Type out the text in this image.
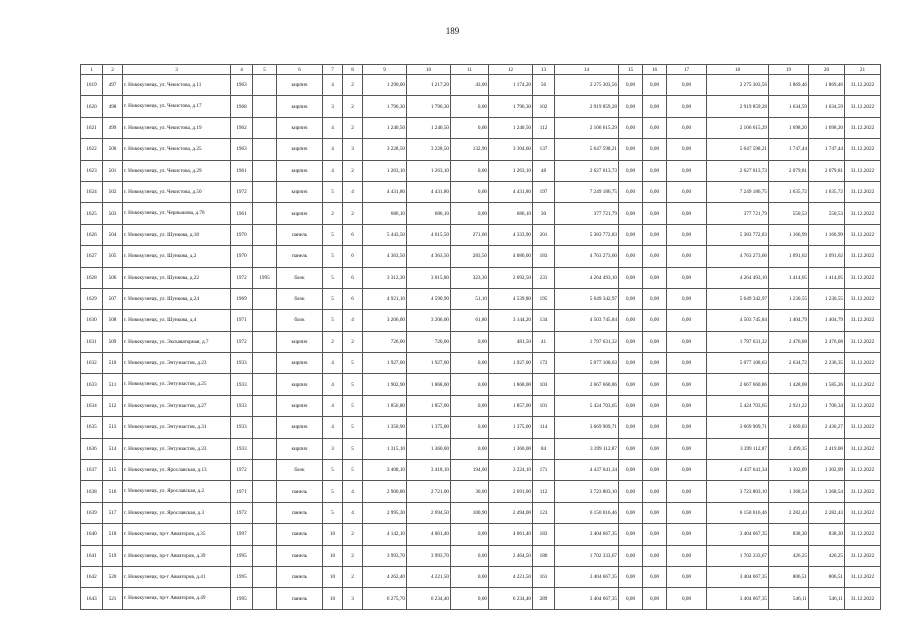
189
1	2	3	4	5	6	7	8	9	10	11	12	13	14	15	16	17	18	19	20	21
1619	497	г. Новокузнецк, ул. Чекистова, д.11	1963		кирпич	4	2	1 290,00	1 217,20	43,00	1 174,20	56	2 275 303,56	0,00	0,00	0,00	2 275 303,56	1 869,46	1 869,46	31.12.2022
1620	498	г. Новокузнецк, ул. Чекистова, д.17	1968		кирпич	3	2	1 796,30	1 796,30	0,00	1 796,30	102	2 919 859,28	0,00	0,00	0,00	2 919 859,28	1 634,59	1 634,59	31.12.2022
1621	499	г. Новокузнецк, ул. Чекистова, д.19	1962		кирпич	4	2	1 240,50	1 240,50	0,00	1 240,50	112	2 106 615,29	0,00	0,00	0,00	2 106 615,29	1 698,20	1 698,20	31.12.2022
1622	500	г. Новокузнецк, ул. Чекистова, д.25	1963		кирпич	4	3	3 228,50	3 228,50	132,90	3 104,60	137	5 647 598,21	0,00	0,00	0,00	5 647 598,21	1 747,44	1 747,44	31.12.2022
1623	501	г. Новокузнецк, ул. Чекистова, д.29	1961		кирпич	4	2	1 263,10	1 263,10	0,00	1 263,10	48	2 627 013,73	0,00	0,00	0,00	2 627 013,73	2 079,81	2 079,81	31.12.2022
1624	502	г. Новокузнецк, ул. Чекистова, д.50	1972		кирпич	5	4	4 431,80	4 431,80	0,00	4 431,80	197	7 249 186,75	0,00	0,00	0,00	7 249 186,75	1 635,72	1 635,72	31.12.2022
1625	503	г. Новокузнецк, ул. Чернышова, д.78	1961		кирпич	2	2	686,10	686,10	0,00	686,10	30	377 721,79	0,00	0,00	0,00	377 721,79	550,53	550,53	31.12.2022
1626	504	г. Новокузнецк, ул. Шункова, д.18	1970		панель	5	6	5 443,50	4 615,50	271,60	4 333,90	201	5 383 772,83	0,00	0,00	0,00	5 383 772,83	1 166,99	1 166,99	31.12.2022
1627	505	г. Новокузнецк, ул. Шункова, д.2	1970		панель	5	6	4 363,50	4 363,50	283,50	4 080,00	183	4 763 273,60	0,00	0,00	0,00	4 763 273,60	1 091,62	1 091,62	31.12.2022
1628	506	г. Новокузнецк, ул. Шункова, д.22	1972	1995	блок	5	6	3 312,30	3 015,80	323,30	2 692,50	231	4 264 493,10	0,00	0,00	0,00	4 264 493,10	1 414,05	1 414,05	31.12.2022
1629	507	г. Новокузнецк, ул. Шункова, д.24	1969		блок	5	6	4 921,10	4 590,90	51,10	4 539,80	195	5 649 342,97	0,00	0,00	0,00	5 649 342,97	1 230,55	1 230,55	31.12.2022
1630	508	г. Новокузнецк, ул. Шункова, д.4	1971		блок	5	4	3 206,00	3 206,00	61,80	3 144,20	134	4 503 745,84	0,00	0,00	0,00	4 503 745,84	1 404,79	1 404,79	31.12.2022
1631	509	г. Новокузнецк, ул. Экскаваторная, д.7	1972		кирпич	2	2	726,00	726,00	0,00	481,50	41	1 797 631,32	0,00	0,00	0,00	1 797 631,32	2 476,08	2 476,08	31.12.2022
1632	510	г. Новокузнецк, ул. Энтузиастов, д.23	1933		кирпич	4	5	1 927,00	1 927,00	0,00	1 927,00	172	5 077 108,63	0,00	0,00	0,00	5 077 108,63	2 634,72	2 236,35	31.12.2022
1633	511	г. Новокузнецк, ул. Энтузиастов, д.25	1933		кирпич	4	5	1 902,90	1 868,00	0,00	1 868,00	103	2 667 660,86	0,00	0,00	0,00	2 667 660,86	1 428,08	1 585,26	31.12.2022
1634	512	г. Новокузнецк, ул. Энтузиастов, д.27	1933		кирпич	4	5	1 856,80	1 857,00	0,00	1 857,00	101	5 424 703,65	0,00	0,00	0,00	5 424 703,65	2 921,22	1 706,34	31.12.2022
1635	513	г. Новокузнецк, ул. Энтузиастов, д.31	1933		кирпич	4	5	1 350,90	1 375,00	0,00	1 375,00	114	3 669 909,71	0,00	0,00	0,00	3 669 909,71	2 669,03	2 436,27	31.12.2022
1636	514	г. Новокузнецк, ул. Энтузиастов, д.33	1933		кирпич	3	5	1 315,10	1 360,00	0,00	1 360,00	84	3 399 112,87	0,00	0,00	0,00	3 399 112,87	2 499,35	2 419,00	31.12.2022
1637	515	г. Новокузнецк, ул. Ярославская, д.13	1972		блок	5	5	3 408,10	3 418,10	194,00	3 224,10	171	4 437 641,34	0,00	0,00	0,00	4 437 641,34	1 302,09	1 302,09	31.12.2022
1638	516	г. Новокузнецк, ул. Ярославская, д.2	1971		панель	5	4	2 900,80	2 721,00	30,00	2 691,00	112	3 723 803,10	0,00	0,00	0,00	3 723 803,10	1 368,54	1 368,54	31.12.2022
1639	517	г. Новокузнецк, ул. Ярославская, д.3	1972		панель	5	4	2 995,30	2 694,50	100,90	2 494,00	123	6 150 016,46	0,00	0,00	0,00	6 150 016,46	2 282,43	2 282,43	31.12.2022
1640	518	г. Новокузнецк, пр-т Авиаторов, д.35	1997		панель	10	2	4 142,10	4 061,40	0,00	4 061,40	183	3 404 667,35	0,00	0,00	0,00	3 404 667,35	838,30	838,30	31.12.2022
1641	519	г. Новокузнецк, пр-т Авиаторов, д.39	1995		панель	10	2	3 993,70	3 993,70	0,00	2 464,50	180	1 702 333,67	0,00	0,00	0,00	1 702 333,67	426,25	426,25	31.12.2022
1642	520	г. Новокузнецк, пр-т Авиаторов, д.41	1995		панель	10	2	4 262,40	4 221,50	0,00	4 221,50	161	3 404 667,35	0,00	0,00	0,00	3 404 667,35	806,51	806,51	31.12.2022
1643	521	г. Новокузнецк, пр-т Авиаторов, д.49	1995		панель	10	3	6 275,70	6 234,40	0,00	6 234,40	289	3 404 667,35	0,00	0,00	0,00	3 404 667,35	546,11	546,11	31.12.2022
